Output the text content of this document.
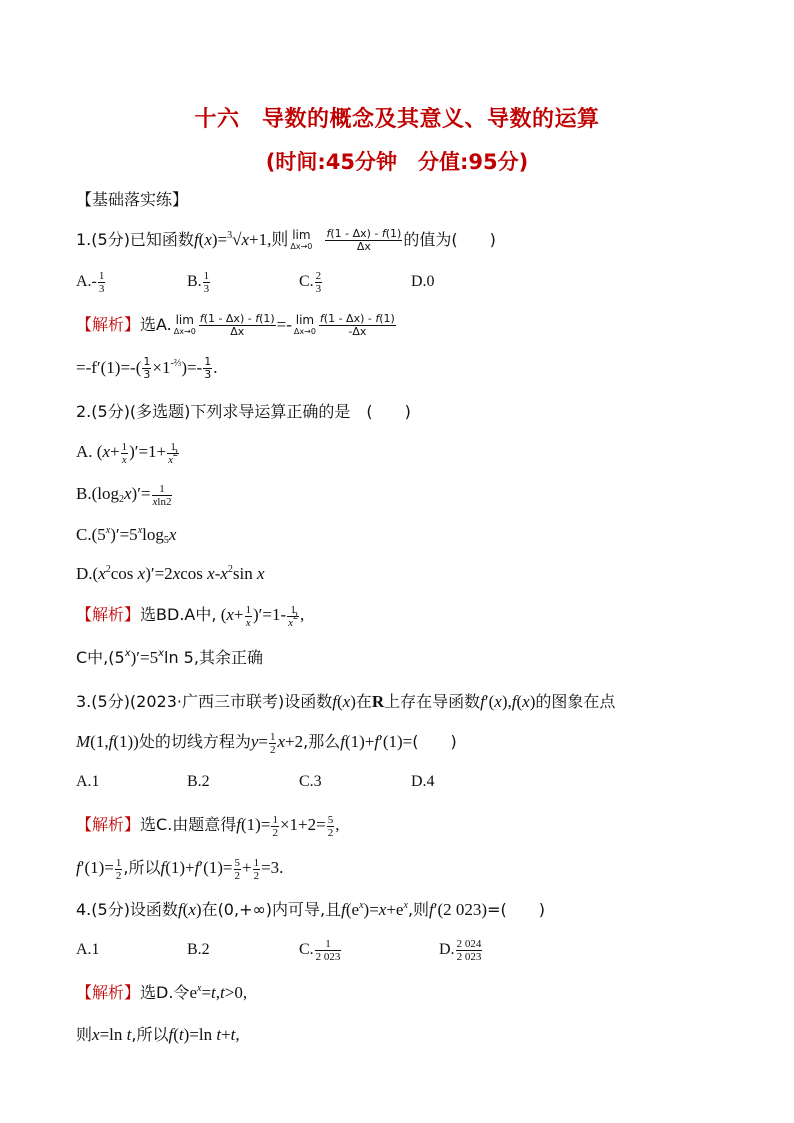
十六　导数的概念及其意义、导数的运算
(时间:45分钟　分值:95分)
【基础落实练】
1.(5分)已知函数f(x)=$^3$√x+1,则 lim
Δx→0
$\frac{f(1 - \Delta x) - f(1)}{\Delta x}$ 的值为(　　)
$A.- \frac{1}{3}$	B. $\frac{1}{3}$	C. $\frac{2}{3}$	D.0
【解析】选A. lim
$\Delta x\to 0 \frac{f(1 - \Delta x) - f(1)}{\Delta x} =- \lim$
$\Delta x\to 0 \frac{f(1 - \Delta x) - f(1)}{-\Delta x}$
$=-f'(1)=-( \frac{1}{3} \times 1^{-\frac{2}{3}})=- \frac{1}{3}$ .
2.(5分)(多选题)下列求导运算正确的是　(　　)
A. $(x+ \frac{1}{x} )'=1+ \frac{1}{x^2}$
$B.(\log_2x)'= \frac{1}{xln2}$
$C.(5^x)'=5^x\log_5x$
$D.(x^2\cos$ x)′=2xcos $x-x^2\sin$ x
【解析】选BD.A中, $(x+ \frac{1}{x} )'=1- \frac{1}{x^2}$ ,
C中$,(5^x)'=5^x\ln$ 5,其余正确
3.(5分)(2023·广西三市联考)设函数f(x)在R上存在导函数f′(x),f(x)的图象在点
M(1,f(1))处的切线方程为$y= \frac{1}{2} x+2$,那么f(1)+f′(1)=(　　)
A.1	B.2	C.3	D.4
【解析】选C.由题意得$f(1)= \frac{1}{2} \times 1+2= \frac{5}{2}$ ,
$f'(1)= \frac{1}{2}$ ,所以$f(1)+f'(1)= \frac{5}{2} + \frac{1}{2} =3$.
4.(5分)设函数f(x)在(0,+∞)内可导,且$f(e^x)=x+e^x$,则f′(2 023)=(　　)
A.1	B.2	C. $\frac{1}{2 023}$	D. $\frac{2 024}{2 023}$
【解析】选D.令$e^x=t,t>0$,
则x=ln t,所以f(t)=ln t+t,
